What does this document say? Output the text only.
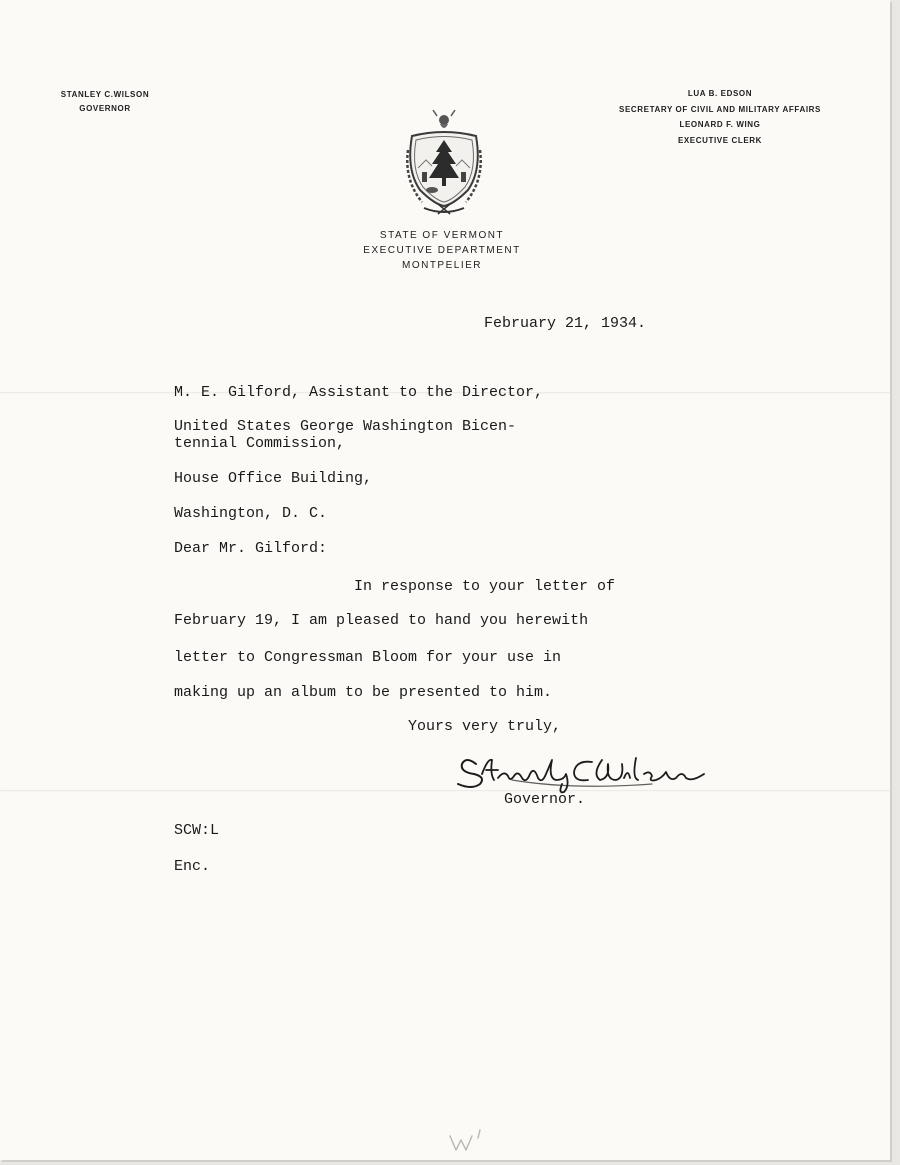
STANLEY C.WILSON
GOVERNOR
LUA B. EDSON
SECRETARY OF CIVIL AND MILITARY AFFAIRS
LEONARD F. WING
EXECUTIVE CLERK
STATE OF VERMONT
EXECUTIVE DEPARTMENT
MONTPELIER
February 21, 1934.
M. E. Gilford, Assistant to the Director,
United States George Washington Bicen-
tennial Commission,
House Office Building,
Washington, D. C.
Dear Mr. Gilford:
In response to your letter of
February 19, I am pleased to hand you herewith
letter to Congressman Bloom for your use in
making up an album to be presented to him.
Yours very truly,
Governor.
SCW:L
Enc.
